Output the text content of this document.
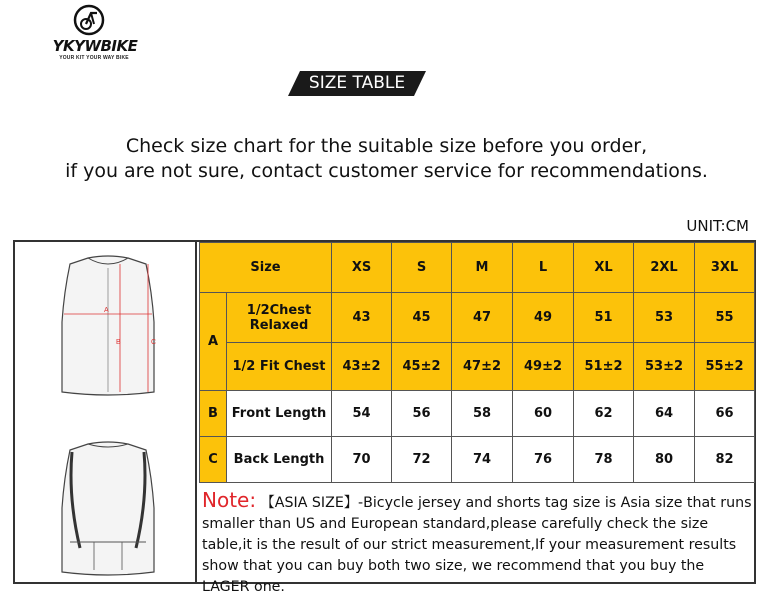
YKYWBIKE
YOUR KIT YOUR WAY BIKE
SIZE TABLE
Check size chart for the suitable size before you order,
if you are not sure, contact customer service for recommendations.
UNIT:CM
A
B	C
Size		XS	S	M	L	XL	2XL	3XL
A	1/2Chest Relaxed	43	45	47	49	51	53	55
	1/2 Fit Chest	43±2	45±2	47±2	49±2	51±2	53±2	55±2
B	Front Length	54	56	58	60	62	64	66
C	Back Length	70	72	74	76	78	80	82
Note: 【ASIA SIZE】-Bicycle jersey and shorts tag size is Asia size that runs smaller than US and European standard,please carefully check the size table,it is the result of our strict measurement,If your measurement results show that you can buy both two size, we recommend that you buy the LAGER one.
